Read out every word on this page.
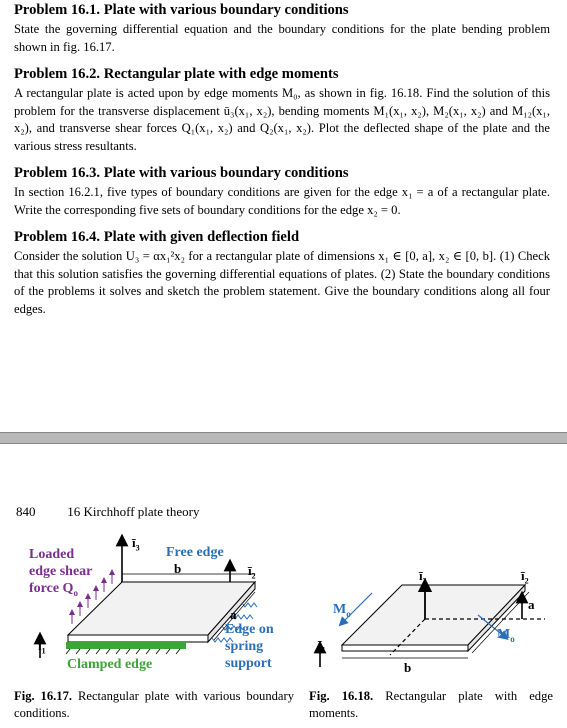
Problem 16.1. Plate with various boundary conditions

State the governing differential equation and the boundary conditions for the plate bending problem shown in fig. 16.17.

Problem 16.2. Rectangular plate with edge moments

A rectangular plate is acted upon by edge moments M₀, as shown in fig. 16.18. Find the solution of this problem for the transverse displacement ū₃(x₁, x₂), bending moments M₁(x₁, x₂), M₂(x₁, x₂) and M₁₂(x₁, x₂), and transverse shear forces Q₁(x₁, x₂) and Q₂(x₁, x₂). Plot the deflected shape of the plate and the various stress resultants.

Problem 16.3. Plate with various boundary conditions

In section 16.2.1, five types of boundary conditions are given for the edge x₁ = a of a rectangular plate. Write the corresponding five sets of boundary conditions for the edge x₂ = 0.

Problem 16.4. Plate with given deflection field

Consider the solution U₃ = αx₁²x₂ for a rectangular plate of dimensions x₁ ∈ [0, a], x₂ ∈ [0, b]. (1) Check that this solution satisfies the governing differential equations of plates. (2) State the boundary conditions of the problems it solves and sketch the problem statement. Give the boundary conditions along all four edges.

840 16 Kirchhoff plate theory
Loaded
edge shear
force $Q_o$
Free edge
b
a
Edge on
spring
support
Clamped edge
$ī_3$
$ī_2$
$ī_1$
$M_o$
$M_o$
a
b
$ī_3$	$ī_2$
$ī_1$
Fig. 16.17. Rectangular plate with various boundary conditions.
Fig. 16.18. Rectangular plate with edge moments.
